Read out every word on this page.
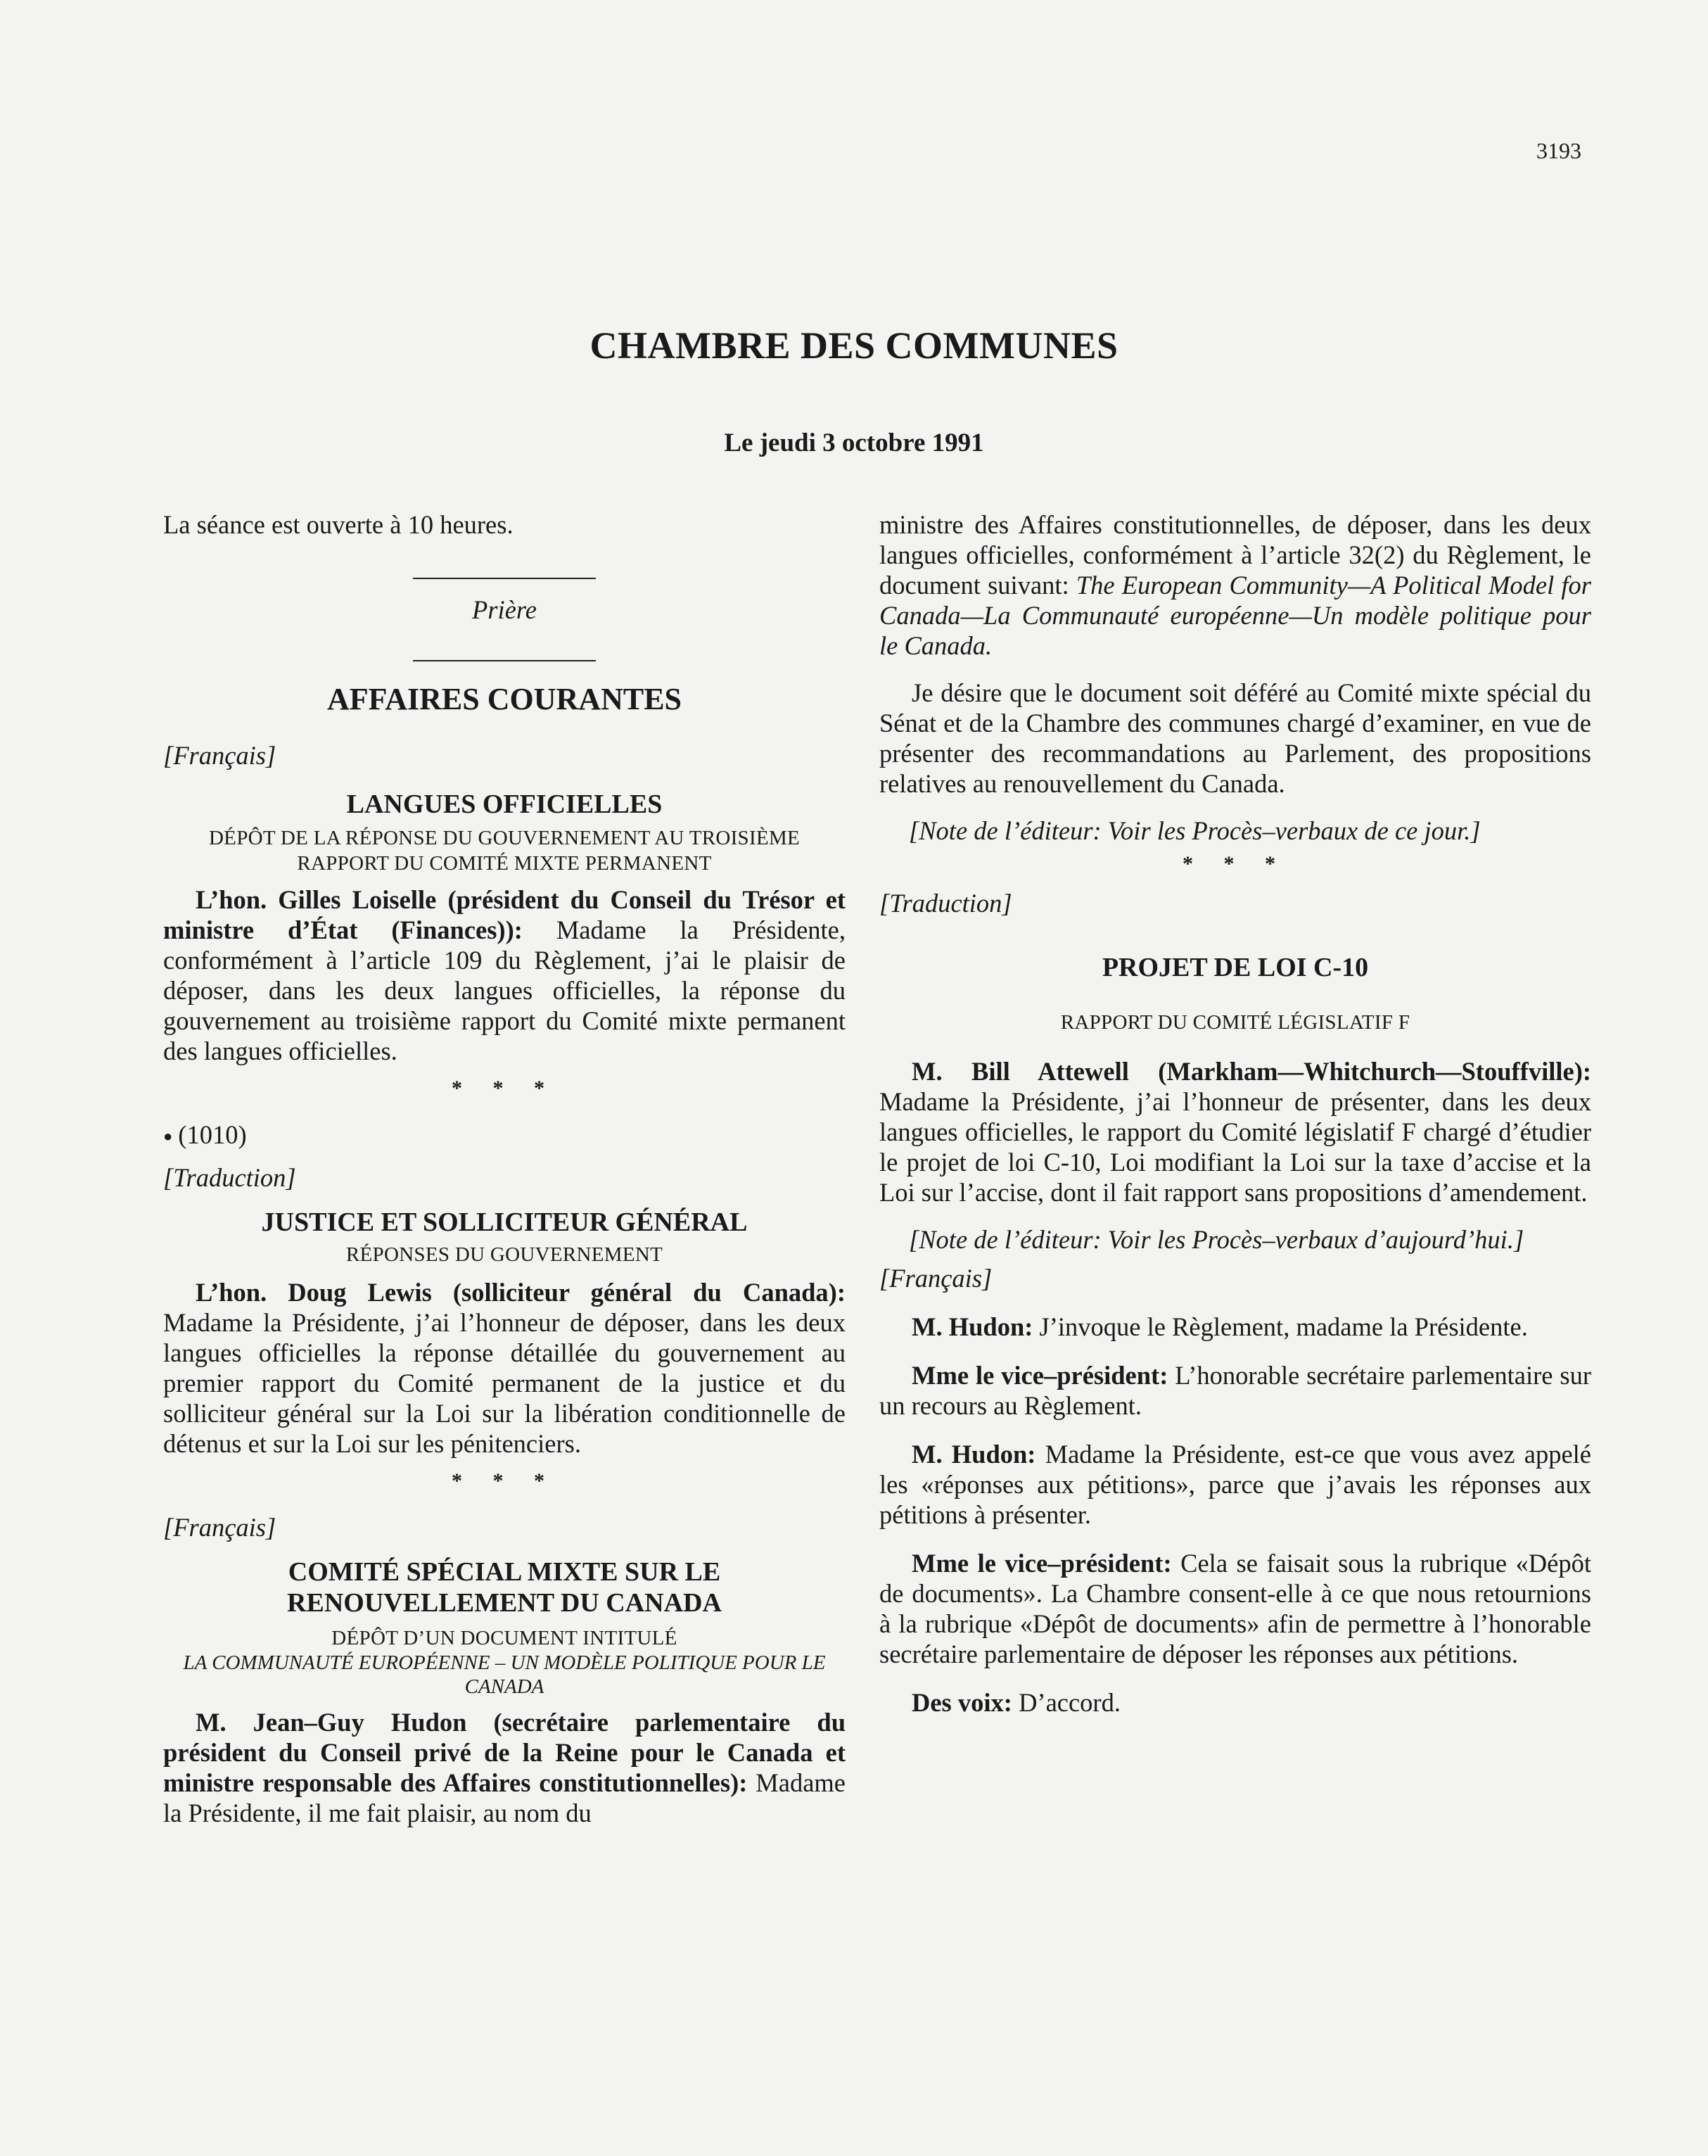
3193
CHAMBRE DES COMMUNES
Le jeudi 3 octobre 1991

La séance est ouverte à 10 heures.

Prière

AFFAIRES COURANTES

[Français]

LANGUES OFFICIELLES

DÉPÔT DE LA RÉPONSE DU GOUVERNEMENT AU TROISIÈME RAPPORT DU COMITÉ MIXTE PERMANENT

L’hon. Gilles Loiselle (président du Conseil du Trésor et ministre d’État (Finances)): Madame la Présidente, conformément à l’article 109 du Règlement, j’ai le plaisir de déposer, dans les deux langues officielles, la réponse du gouvernement au troisième rapport du Comité mixte permanent des langues officielles.

* * *

● (1010)

[Traduction]

JUSTICE ET SOLLICITEUR GÉNÉRAL

RÉPONSES DU GOUVERNEMENT

L’hon. Doug Lewis (solliciteur général du Canada): Madame la Présidente, j’ai l’honneur de déposer, dans les deux langues officielles la réponse détaillée du gouvernement au premier rapport du Comité permanent de la justice et du solliciteur général sur la Loi sur la libération conditionnelle de détenus et sur la Loi sur les pénitenciers.

* * *

[Français]

COMITÉ SPÉCIAL MIXTE SUR LE RENOUVELLEMENT DU CANADA

DÉPÔT D’UN DOCUMENT INTITULÉ

LA COMMUNAUTÉ EUROPÉENNE – UN MODÈLE POLITIQUE POUR LE CANADA

M. Jean–Guy Hudon (secrétaire parlementaire du président du Conseil privé de la Reine pour le Canada et ministre responsable des Affaires constitutionnelles): Madame la Présidente, il me fait plaisir, au nom du

ministre des Affaires constitutionnelles, de déposer, dans les deux langues officielles, conformément à l’article 32(2) du Règlement, le document suivant: The European Community—A Political Model for Canada—La Communauté européenne—Un modèle politique pour le Canada.

Je désire que le document soit déféré au Comité mixte spécial du Sénat et de la Chambre des communes chargé d’examiner, en vue de présenter des recommandations au Parlement, des propositions relatives au renouvellement du Canada.

[Note de l’éditeur: Voir les Procès–verbaux de ce jour.]

* * *

[Traduction]

PROJET DE LOI C-10

RAPPORT DU COMITÉ LÉGISLATIF F

M. Bill Attewell (Markham—Whitchurch—Stouffville): Madame la Présidente, j’ai l’honneur de présenter, dans les deux langues officielles, le rapport du Comité législatif F chargé d’étudier le projet de loi C-10, Loi modifiant la Loi sur la taxe d’accise et la Loi sur l’accise, dont il fait rapport sans propositions d’amendement.

[Note de l’éditeur: Voir les Procès–verbaux d’aujourd’hui.]

[Français]

M. Hudon: J’invoque le Règlement, madame la Présidente.

Mme le vice–président: L’honorable secrétaire parlementaire sur un recours au Règlement.

M. Hudon: Madame la Présidente, est-ce que vous avez appelé les «réponses aux pétitions», parce que j’avais les réponses aux pétitions à présenter.

Mme le vice–président: Cela se faisait sous la rubrique «Dépôt de documents». La Chambre consent-elle à ce que nous retournions à la rubrique «Dépôt de documents» afin de permettre à l’honorable secrétaire parlementaire de déposer les réponses aux pétitions.

Des voix: D’accord.
